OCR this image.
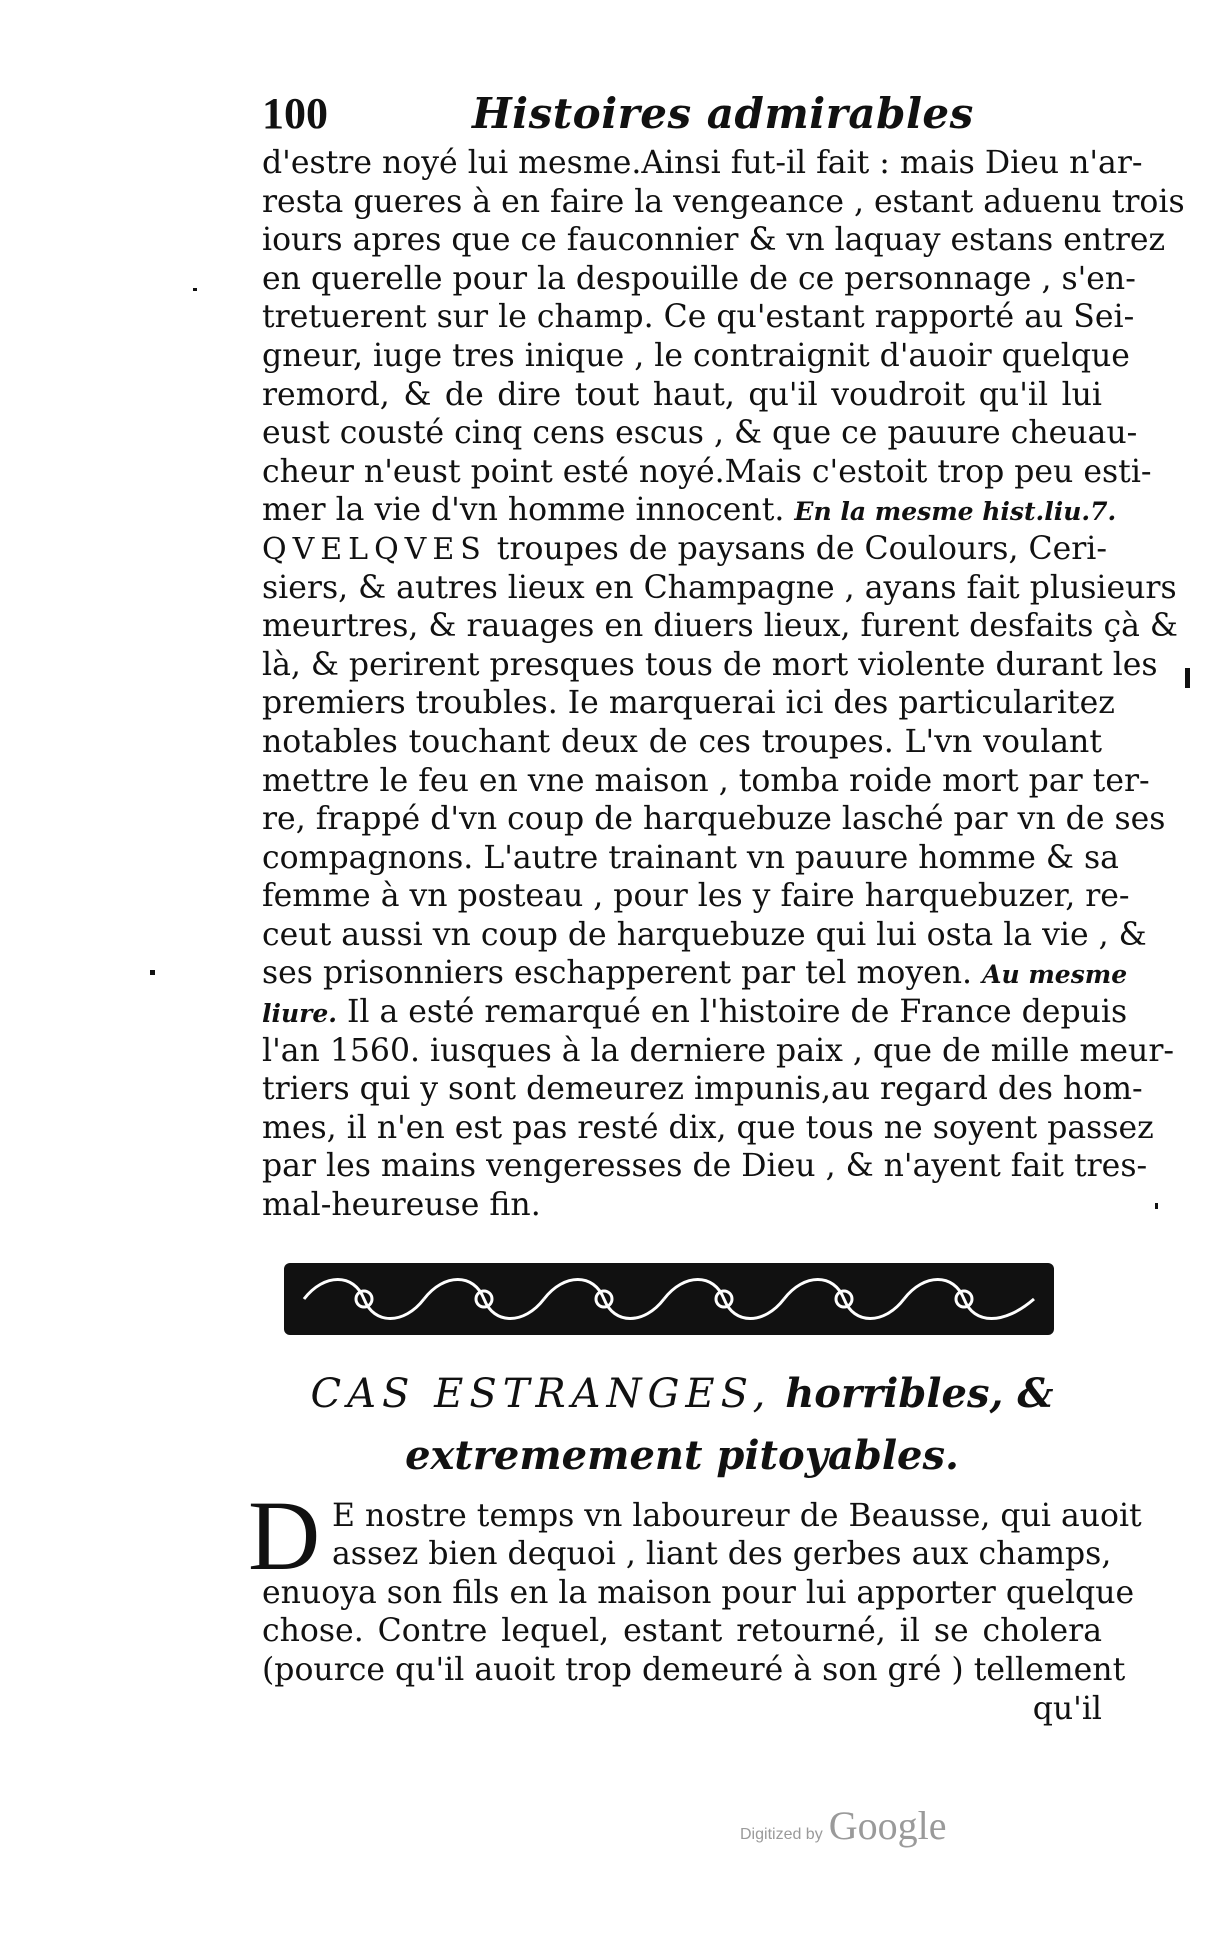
100	Histoires admirables
d'estre noyé lui mesme.Ainsi fut-il fait : mais Dieu n'ar-
resta gueres à en faire la vengeance , estant aduenu trois
iours apres que ce fauconnier & vn laquay estans entrez
en querelle pour la despouille de ce personnage , s'en-
tretuerent sur le champ. Ce qu'estant rapporté au Sei-
gneur, iuge tres inique , le contraignit d'auoir quelque
remord, & de dire tout haut, qu'il voudroit qu'il lui
eust cousté cinq cens escus , & que ce pauure cheuau-
cheur n'eust point esté noyé.Mais c'estoit trop peu esti-
mer la vie d'vn homme innocent. En la mesme hist.liu.7.
QVELQVES troupes de paysans de Coulours, Ceri-
siers, & autres lieux en Champagne , ayans fait plusieurs
meurtres, & rauages en diuers lieux, furent desfaits çà &
là, & perirent presques tous de mort violente durant les
premiers troubles. Ie marquerai ici des particularitez
notables touchant deux de ces troupes. L'vn voulant
mettre le feu en vne maison , tomba roide mort par ter-
re, frappé d'vn coup de harquebuze lasché par vn de ses
compagnons. L'autre trainant vn pauure homme & sa
femme à vn posteau , pour les y faire harquebuzer, re-
ceut aussi vn coup de harquebuze qui lui osta la vie , &
ses prisonniers eschapperent par tel moyen. Au mesme
liure. Il a esté remarqué en l'histoire de France depuis
l'an 1560. iusques à la derniere paix , que de mille meur-
triers qui y sont demeurez impunis,au regard des hom-
mes, il n'en est pas resté dix, que tous ne soyent passez
par les mains vengeresses de Dieu , & n'ayent fait tres-
mal-heureuse fin.
CAS ESTRANGES, horribles, &
extremement pitoyables.
D E nostre temps vn laboureur de Beausse, qui auoit
assez bien dequoi , liant des gerbes aux champs,
enuoya son fils en la maison pour lui apporter quelque
chose. Contre lequel, estant retourné, il se cholera
(pource qu'il auoit trop demeuré à son gré ) tellement
qu'il
Digitized by Google
